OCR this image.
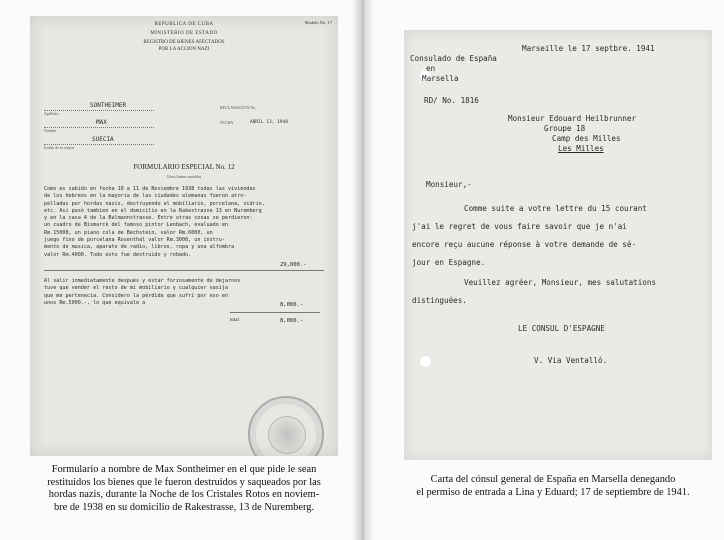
Modelo No. 17
REPUBLICA DE CUBA
MINISTERIO DE ESTADO
REGISTRO DE BIENES AFECTADOS
POR LA ACCION NAZI
SONTHEIMER
Apellidos
MAX
Nombre
SUECIA
Estado de su origen
RECLAMACION No.
FECHA	ABRIL 13, 1948
FORMULARIO ESPECIAL No. 12
Otros bienes muebles
Como es sabido en fecha 10 a 11 de Noviembre 1938 todas las viviendas
de los hebreos en la mayoria de las ciudades alemanas fueron atro-
pelladas por hordas nazis, destruyendo el mobiliario, porcelana, vidrio,
etc. Asi pasó tambien en el domicilio en la Rakestrasse 13 en Nuremberg
y en la casa 4 de la Bulmannstrasse. Entre otras cosas se perdieron:
un cuadro de Bismarck del famoso pintor Lenbach, evaluado en
Rm.15000, un piano cola de Bechstein, valor Rm.6000, un
juego fino de porcelana Rosenthal valor Rm.3000, un instru-
mento de musica, aparato de radio, libros, ropa y una alfombra
valor Rm.4000. Todo esto fue destruido y robado.
29,000.-
Al salir inmediatamente después y estar forzosamente de dejarnos
tuve que vender el resto de mi mobiliario y cualquier vasija
que me pertenecia. Considero la pérdida que sufrí por eso en
unos Rm.5000.-, lo que equivale a	8,000.-
total	8,000.-
Marseille le 17 septbre. 1941
Consulado de España
en
Marsella
RD/ No. 1816
Monsieur Edouard Heilbrunner
Groupe 18
Camp des Milles
Les Milles
Monsieur,-
Comme suite a votre lettre du 15 courant
j'ai le regret de vous faire savoir que je n'ai
encore reçu aucune réponse à votre demande de sé-
jour en Espagne.
Veuillez agréer, Monsieur, mes salutations
distinguées.
LE CONSUL D'ESPAGNE
V. Via Ventalló.
Formulario a nombre de Max Sontheimer en el que pide le sean
restituidos los bienes que le fueron destruidos y saqueados por las
hordas nazis, durante la Noche de los Cristales Rotos en noviem-
bre de 1938 en su domicilio de Rakestrasse, 13 de Nuremberg.
Carta del cónsul general de España en Marsella denegando
el permiso de entrada a Lina y Eduard; 17 de septiembre de 1941.
